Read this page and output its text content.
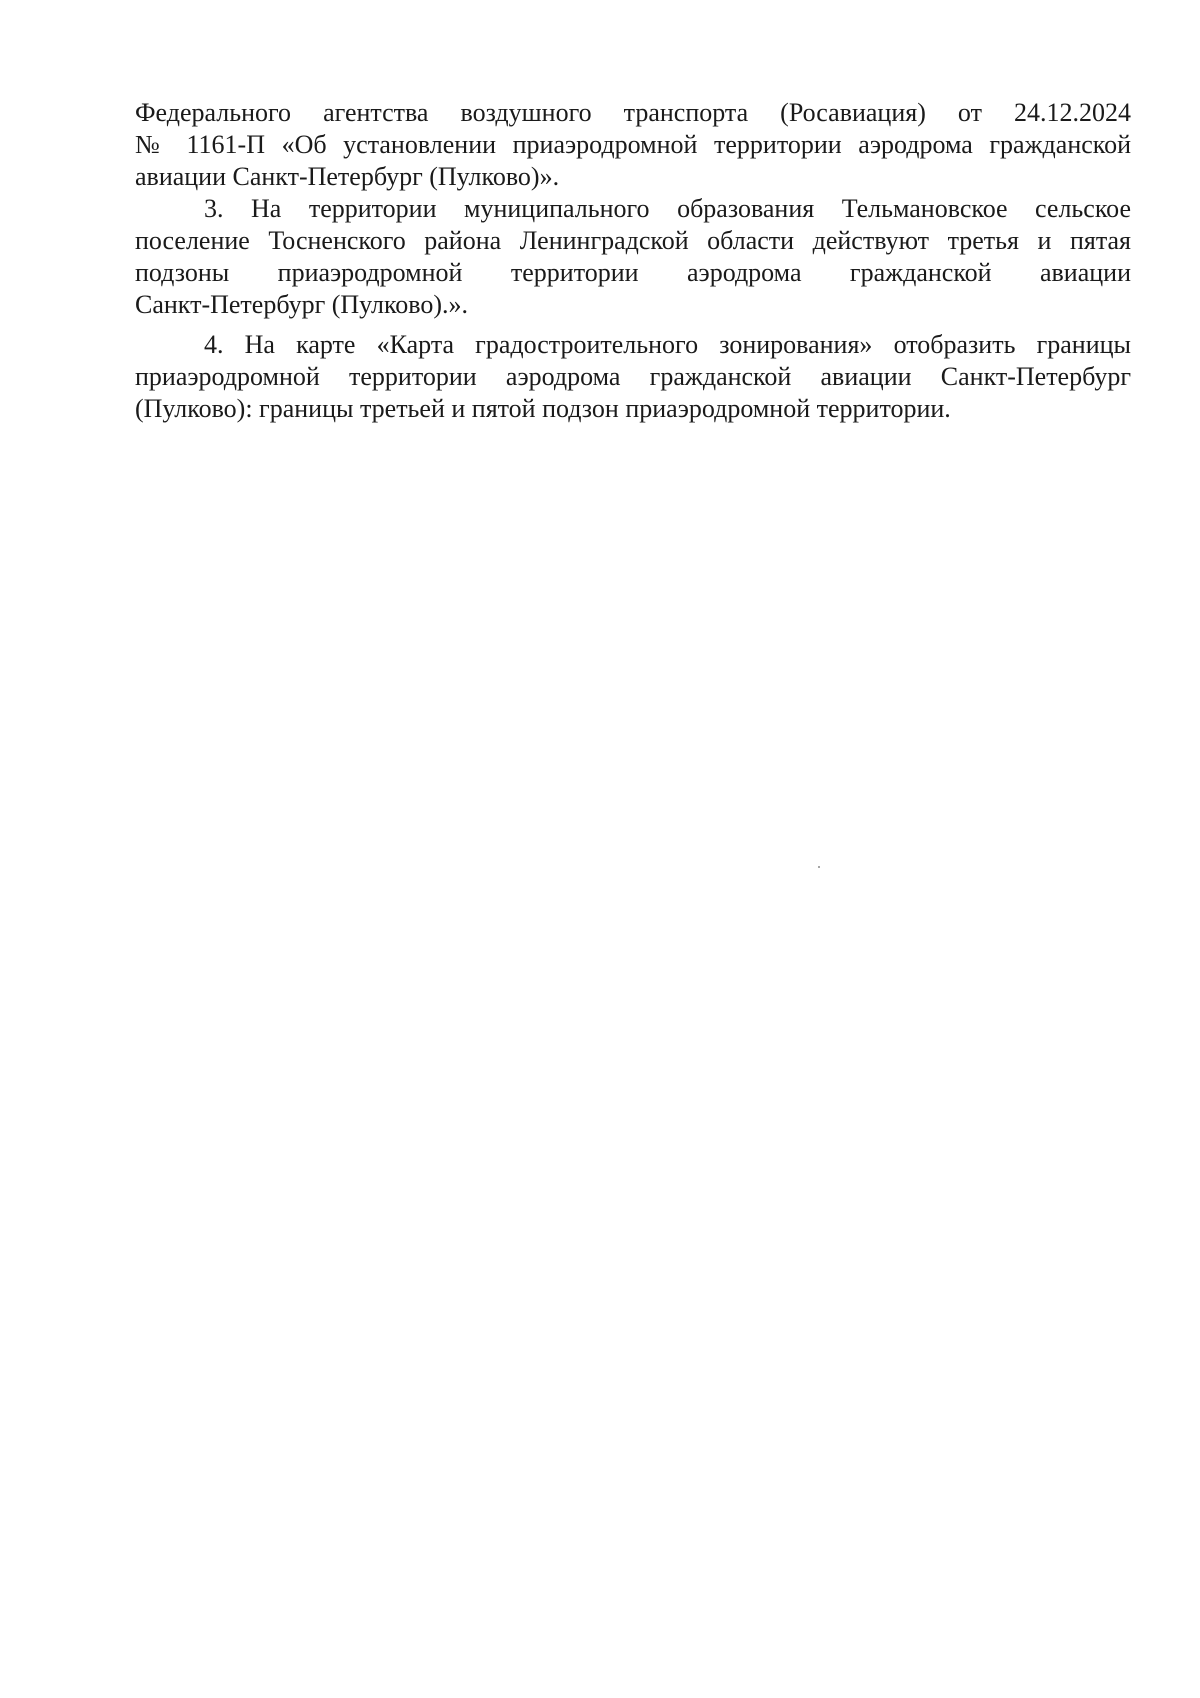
Федерального агентства воздушного транспорта (Росавиация) от 24.12.2024
№ 1161-П «Об установлении приаэродромной территории аэродрома гражданской
авиации Санкт-Петербург (Пулково)».
3. На территории муниципального образования Тельмановское сельское
поселение Тосненского района Ленинградской области действуют третья и пятая
подзоны приаэродромной территории аэродрома гражданской авиации
Санкт-Петербург (Пулково).».
4. На карте «Карта градостроительного зонирования» отобразить границы
приаэродромной территории аэродрома гражданской авиации Санкт-Петербург
(Пулково): границы третьей и пятой подзон приаэродромной территории.
